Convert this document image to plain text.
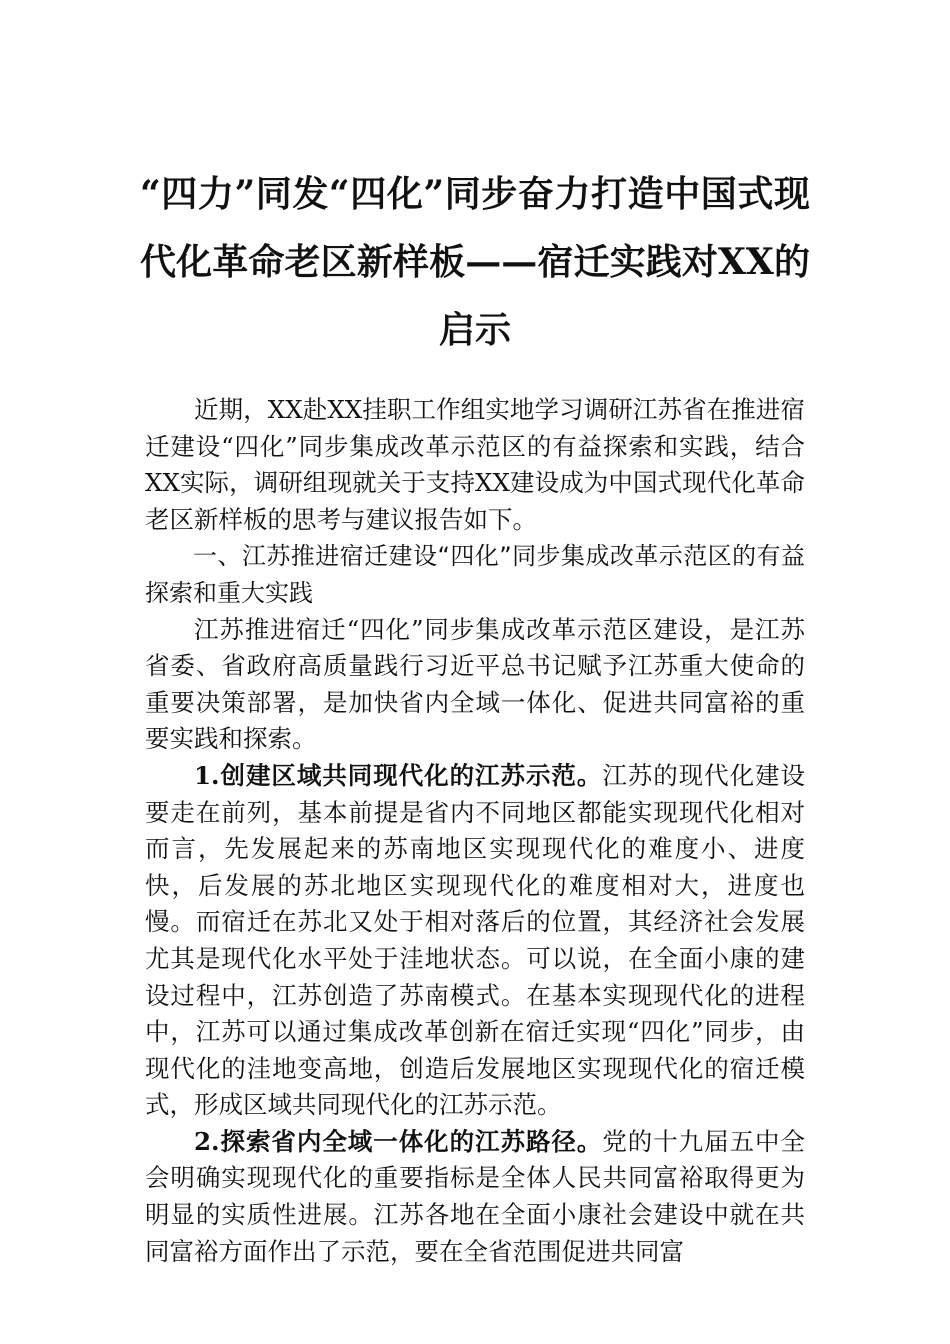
“四力”同发“四化”同步奋力打造中国式现代化革命老区新样板——宿迁实践对XX的启示

近期，XX赴XX挂职工作组实地学习调研江苏省在推进宿迁建设“四化”同步集成改革示范区的有益探索和实践，结合XX实际，调研组现就关于支持XX建设成为中国式现代化革命老区新样板的思考与建议报告如下。

一、江苏推进宿迁建设“四化”同步集成改革示范区的有益探索和重大实践

江苏推进宿迁“四化”同步集成改革示范区建设，是江苏省委、省政府高质量践行习近平总书记赋予江苏重大使命的重要决策部署，是加快省内全域一体化、促进共同富裕的重要实践和探索。

1.创建区域共同现代化的江苏示范。江苏的现代化建设要走在前列，基本前提是省内不同地区都能实现现代化相对而言，先发展起来的苏南地区实现现代化的难度小、进度快，后发展的苏北地区实现现代化的难度相对大，进度也慢。而宿迁在苏北又处于相对落后的位置，其经济社会发展尤其是现代化水平处于洼地状态。可以说，在全面小康的建设过程中，江苏创造了苏南模式。在基本实现现代化的进程中，江苏可以通过集成改革创新在宿迁实现“四化”同步，由现代化的洼地变高地，创造后发展地区实现现代化的宿迁模式，形成区域共同现代化的江苏示范。

2.探索省内全域一体化的江苏路径。党的十九届五中全会明确实现现代化的重要指标是全体人民共同富裕取得更为明显的实质性进展。江苏各地在全面小康社会建设中就在共同富裕方面作出了示范，要在全省范围促进共同富
